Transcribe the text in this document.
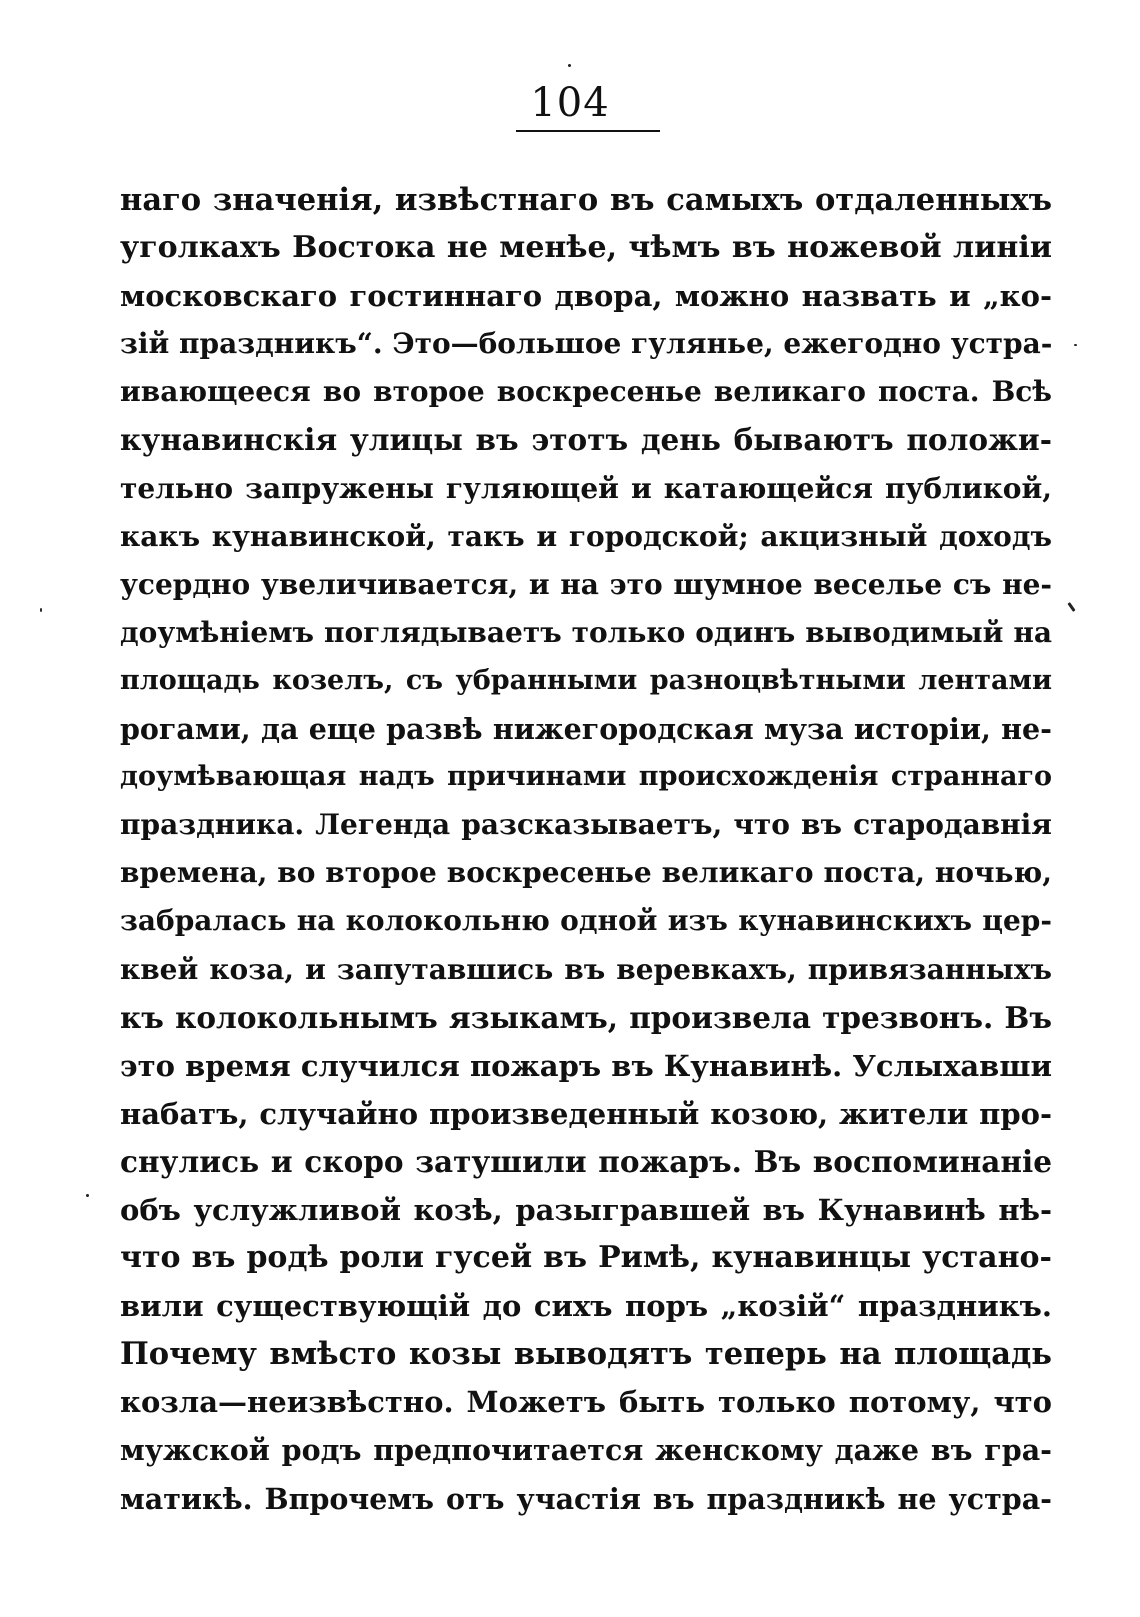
104
наго значенія, извѣстнаго въ самыхъ отдаленныхъ
уголкахъ Востока не менѣе, чѣмъ въ ножевой линіи
московскаго гостиннаго двора, можно назвать и „ко-
зій праздникъ“. Это—большое гулянье, ежегодно устра-
ивающееся во второе воскресенье великаго поста. Всѣ
кунавинскія улицы въ этотъ день бываютъ положи-
тельно запружены гуляющей и катающейся публикой,
какъ кунавинской, такъ и городской; акцизный доходъ
усердно увеличивается, и на это шумное веселье съ не-
доумѣніемъ поглядываетъ только одинъ выводимый на
площадь козелъ, съ убранными разноцвѣтными лентами
рогами, да еще развѣ нижегородская муза исторіи, не-
доумѣвающая надъ причинами происхожденія страннаго
праздника. Легенда разсказываетъ, что въ стародавнія
времена, во второе воскресенье великаго поста, ночью,
забралась на колокольню одной изъ кунавинскихъ цер-
квей коза, и запутавшись въ веревкахъ, привязанныхъ
къ колокольнымъ языкамъ, произвела трезвонъ. Въ
это время случился пожаръ въ Кунавинѣ. Услыхавши
набатъ, случайно произведенный козою, жители про-
снулись и скоро затушили пожаръ. Въ воспоминаніе
объ услужливой козѣ, разыгравшей въ Кунавинѣ нѣ-
что въ родѣ роли гусей въ Римѣ, кунавинцы устано-
вили существующій до сихъ поръ „козій“ праздникъ.
Почему вмѣсто козы выводятъ теперь на площадь
козла—неизвѣстно. Можетъ быть только потому, что
мужской родъ предпочитается женскому даже въ гра-
матикѣ. Впрочемъ отъ участія въ праздникѣ не устра-
